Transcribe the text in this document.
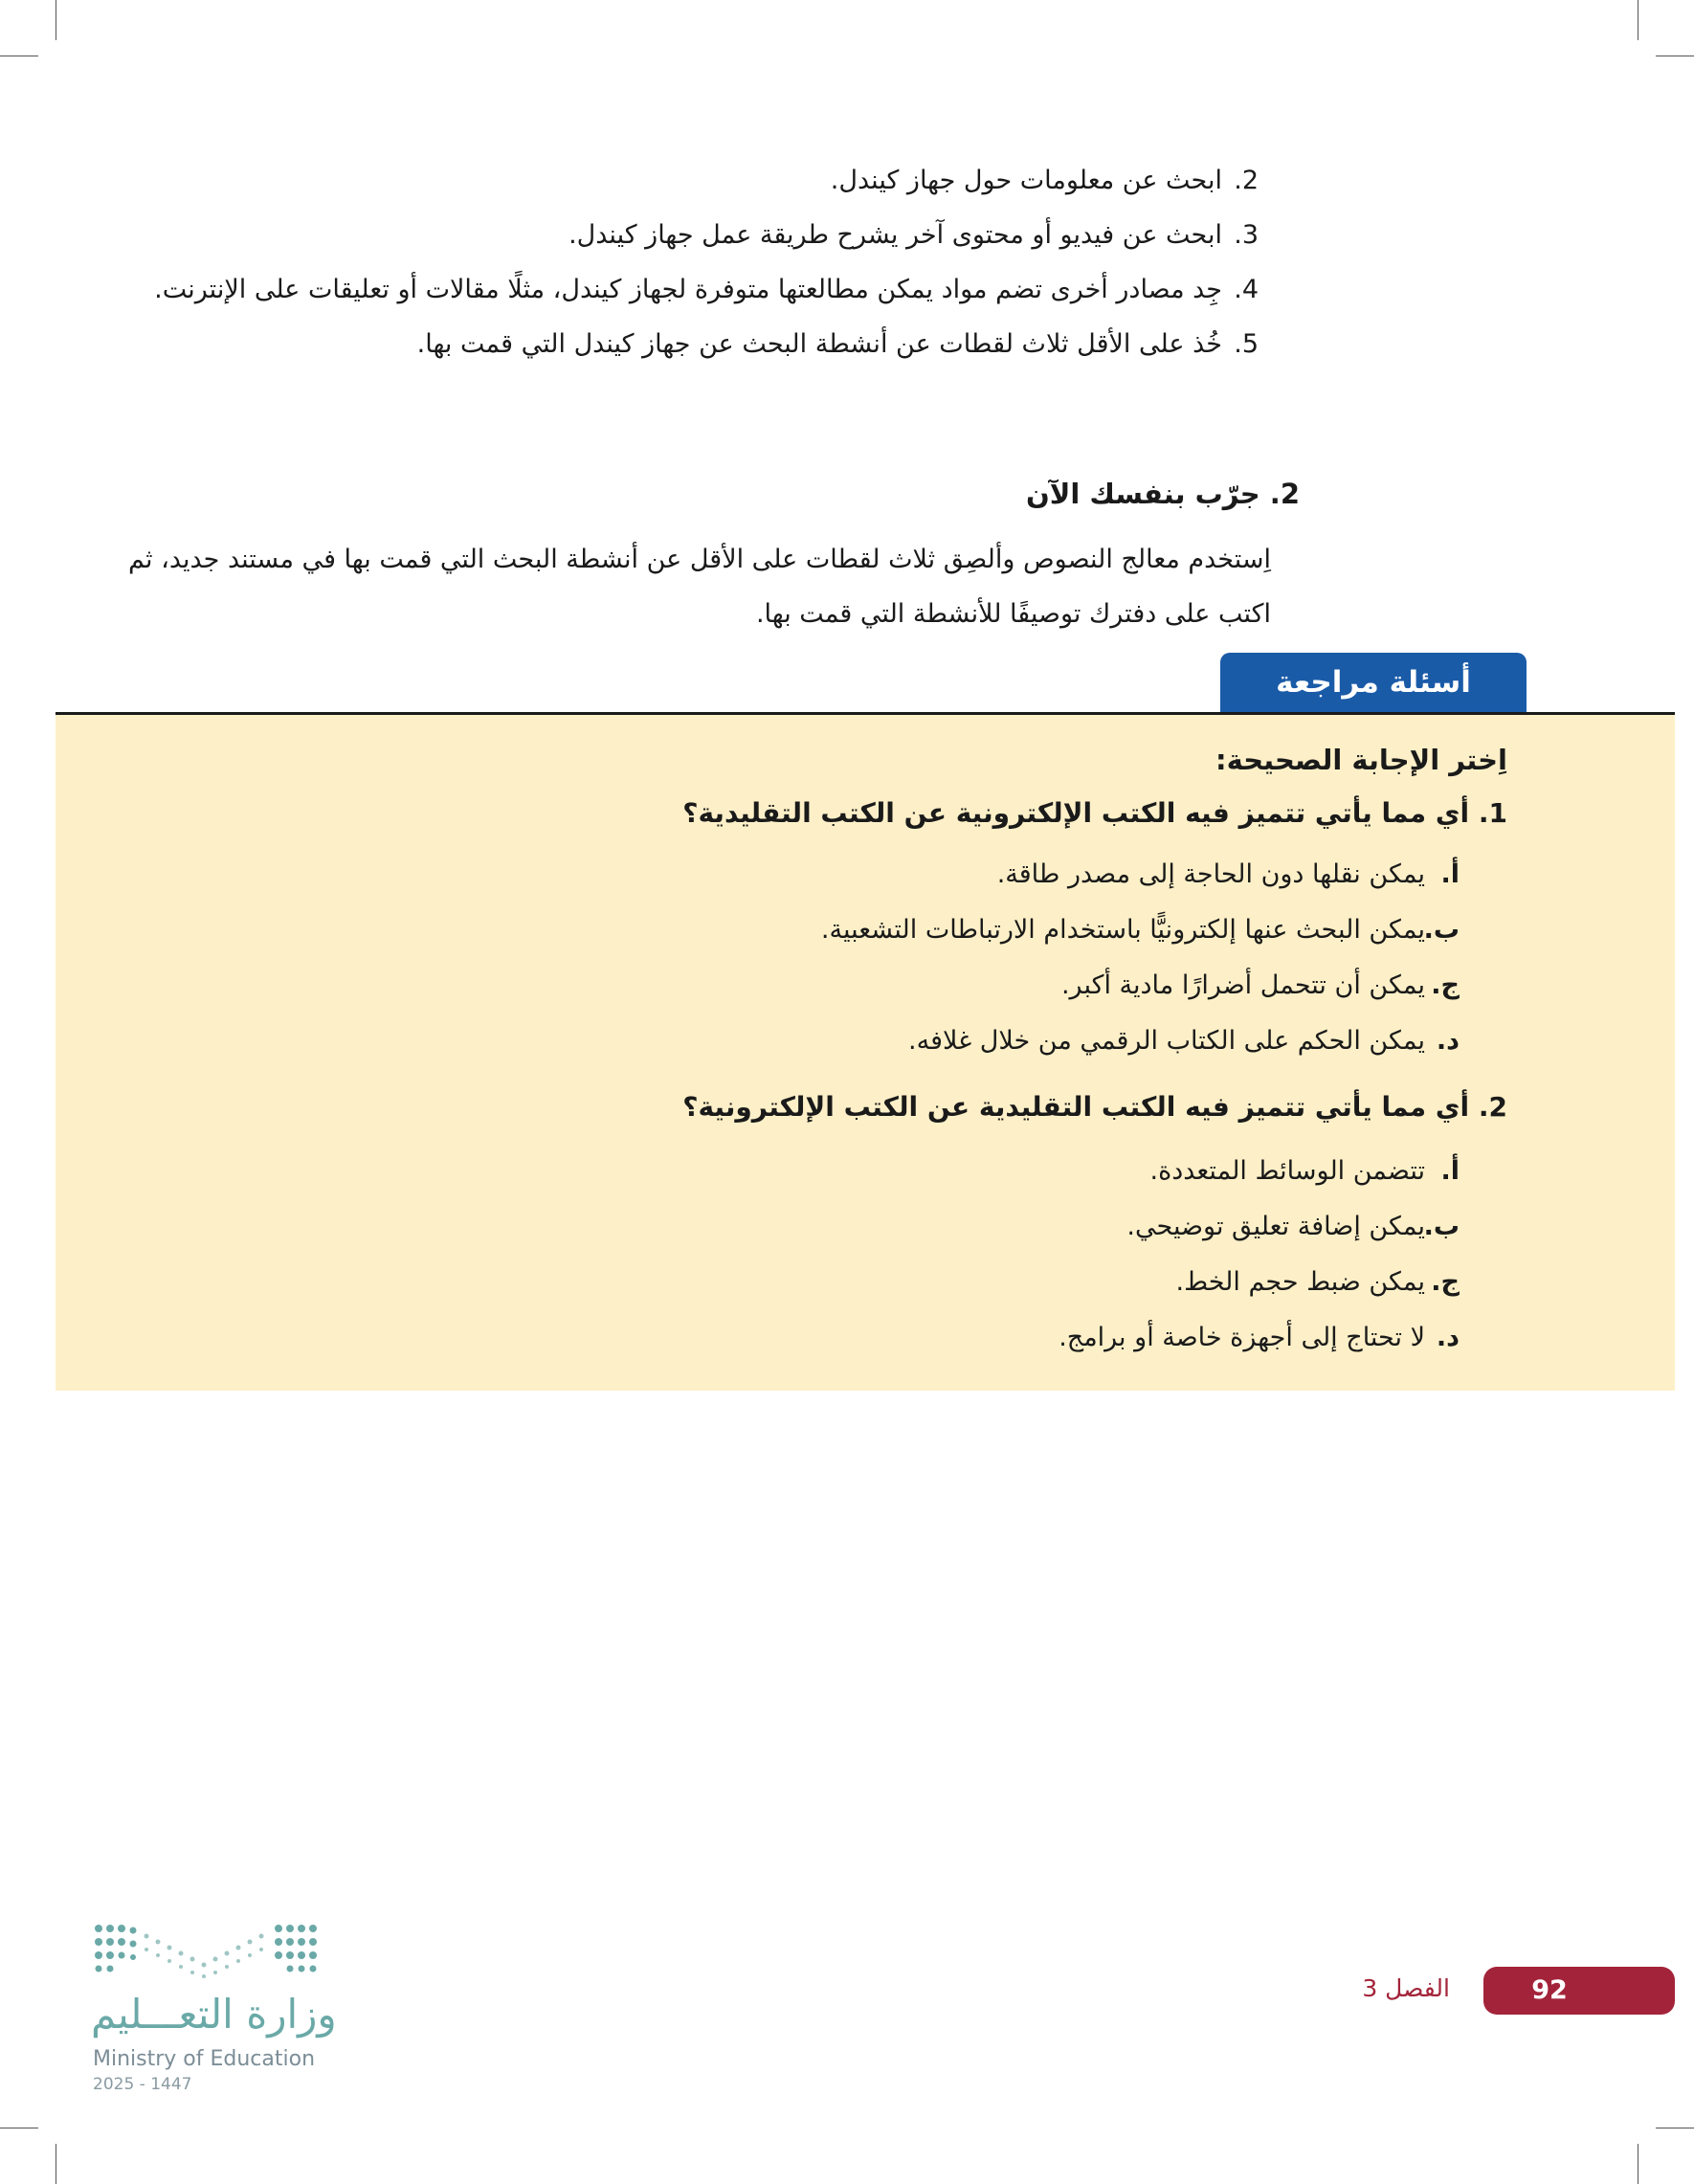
2.
ابحث عن معلومات حول جهاز كيندل.
3.
ابحث عن فيديو أو محتوى آخر يشرح طريقة عمل جهاز كيندل.
4.
جِد مصادر أخرى تضم مواد يمكن مطالعتها متوفرة لجهاز كيندل، مثلًا مقالات أو تعليقات على الإنترنت.
5.
خُذ على الأقل ثلاث لقطات عن أنشطة البحث عن جهاز كيندل التي قمت بها.
2. جرّب بنفسك الآن
اِستخدم معالج النصوص وألصِق ثلاث لقطات على الأقل عن أنشطة البحث التي قمت بها في مستند جديد، ثم اكتب على دفترك توصيفًا للأنشطة التي قمت بها.
أسئلة مراجعة
اِختر الإجابة الصحيحة:
1. أي مما يأتي تتميز فيه الكتب الإلكترونية عن الكتب التقليدية؟
أ.
يمكن نقلها دون الحاجة إلى مصدر طاقة.
ب.
يمكن البحث عنها إلكترونيًّا باستخدام الارتباطات التشعبية.
ج.
يمكن أن تتحمل أضرارًا مادية أكبر.
د.
يمكن الحكم على الكتاب الرقمي من خلال غلافه.
2. أي مما يأتي تتميز فيه الكتب التقليدية عن الكتب الإلكترونية؟
أ.
تتضمن الوسائط المتعددة.
ب.
يمكن إضافة تعليق توضيحي.
ج.
يمكن ضبط حجم الخط.
د.
لا تحتاج إلى أجهزة خاصة أو برامج.
الفصل 3	92
وزارة التعـــليم
Ministry of Education
2025 - 1447
